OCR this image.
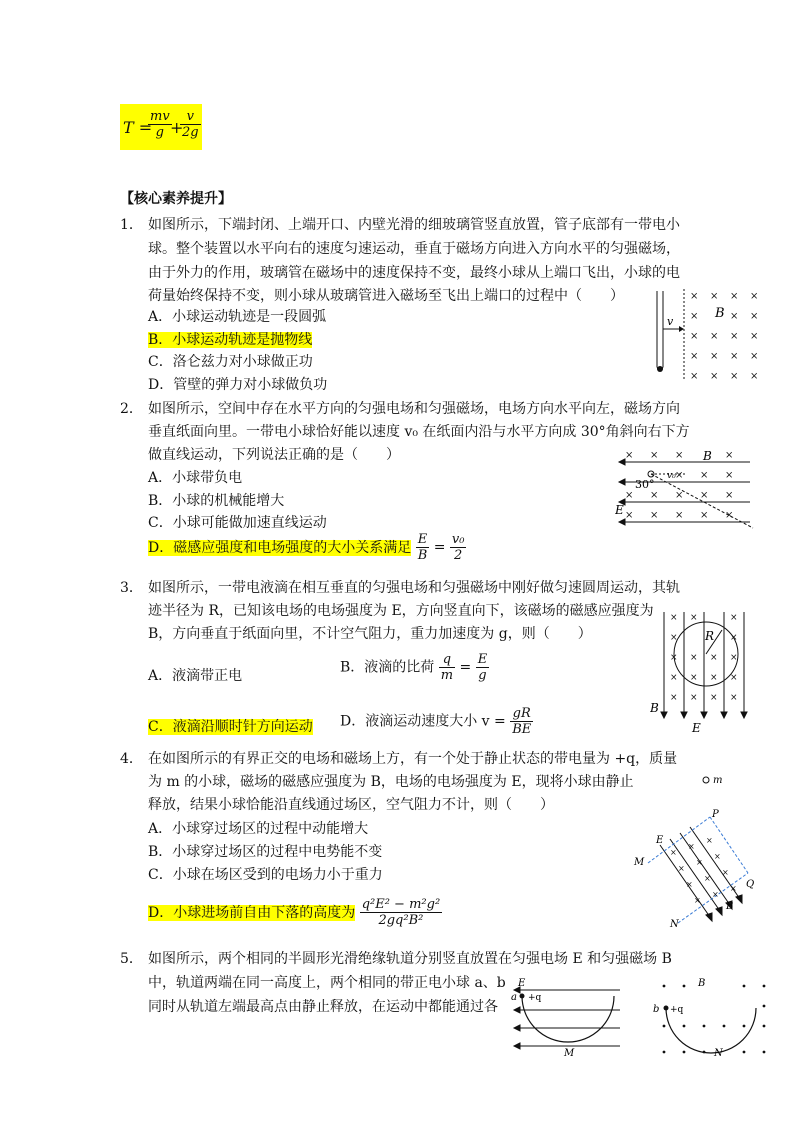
T =
$\frac{mv}{g}$
+
$\frac{v}{2g}$
【核心素养提升】
1． 如图所示，下端封闭、上端开口、内壁光滑的细玻璃管竖直放置，管子底部有一带电小
球。整个装置以水平向右的速度匀速运动，垂直于磁场方向进入方向水平的匀强磁场，
由于外力的作用，玻璃管在磁场中的速度保持不变，最终小球从上端口飞出，小球的电
荷量始终保持不变，则小球从玻璃管进入磁场至飞出上端口的过程中（　　）
A．小球运动轨迹是一段圆弧
B．小球运动轨迹是抛物线
C．洛仑兹力对小球做正功
D．管壁的弹力对小球做负功
v
× × × ×
×	× ×
× × × ×
× × × ×
× × × ×
B
2． 如图所示，空间中存在水平方向的匀强电场和匀强磁场，电场方向水平向左，磁场方向
垂直纸面向里。一带电小球恰好能以速度 v₀ 在纸面内沿与水平方向成 30°角斜向右下方
做直线运动，下列说法正确的是（　　）
A．小球带负电
B．小球的机械能增大
C．小球可能做加速直线运动
D．磁感应强度和电场强度的大小关系满足 $\frac{E}{B} = \frac{\text{v₀}}{2}$
× × ×	×
× × ×
× × × × ×
× × × × ×
B
E
30°
v₀
3． 如图所示，一带电液滴在相互垂直的匀强电场和匀强磁场中刚好做匀速圆周运动，其轨
迹半径为 R，已知该电场的电场强度为 E，方向竖直向下，该磁场的磁感应强度为
B，方向垂直于纸面向里，不计空气阻力，重力加速度为 g，则（　　）
A．液滴带正电
B．液滴的比荷 $\frac{q}{m} = \frac{E}{g}$
C．液滴沿顺时针方向运动 D．液滴运动速度大小 $v = \frac{gR}{BE}$
× ×	×
×	×
× × × ×
× × × ×
× × × ×
R
B
E
4． 在如图所示的有界正交的电场和磁场上方，有一个处于静止状态的带电量为 +q，质量
为 m 的小球，磁场的磁感应强度为 B，电场的电场强度为 E，现将小球由静止
释放，结果小球恰能沿直线通过场区，空气阻力不计，则（　　）
A．小球穿过场区的过程中动能增大
B．小球穿过场区的过程中电势能不变
C．小球在场区受到的电场力小于重力
D．小球进场前自由下落的高度为 $\frac{\text{q²E² − m²g²}}{\text{2gq²B²}}$
m
×
×
×
×
×
×
×
×
×
×
×
×
E
P
M
Q
N
B
5． 如图所示，两个相同的半圆形光滑绝缘轨道分别竖直放置在匀强电场 E 和匀强磁场 B
中，轨道两端在同一高度上，两个相同的带正电小球 a、b
同时从轨道左端最高点由静止释放，在运动中都能通过各
E
a +q
M
B
b +q
N
